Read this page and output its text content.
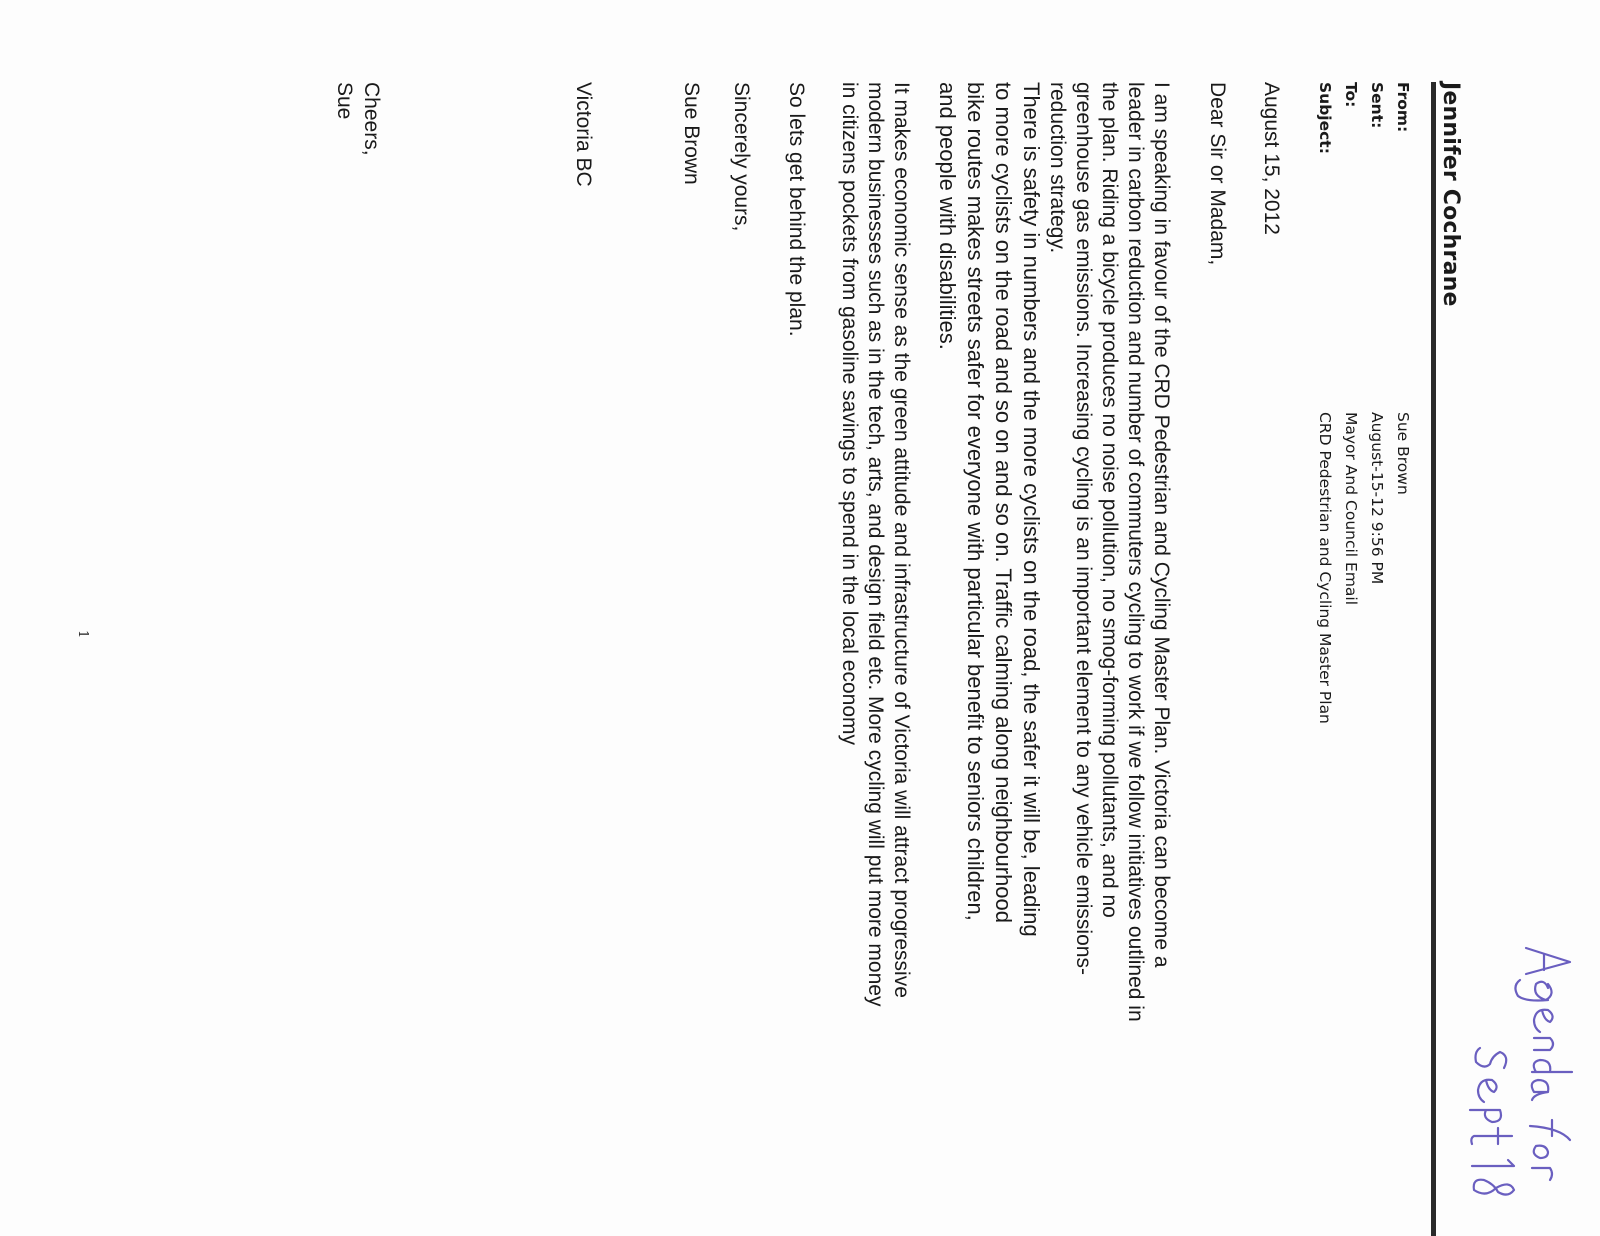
Jennifer Cochrane
From:
Sue Brown
Sent:
August-15-12 9:56 PM
To:
Mayor And Council Email
Subject:
CRD Pedestrian and Cycling Master Plan
August 15, 2012
Dear Sir or Madam,
I am speaking in favour of the CRD Pedestrian and Cycling Master Plan. Victoria can become a
leader in carbon reduction and number of commuters cycling to work if we follow initiatives outlined in
the plan. Riding a bicycle produces no noise pollution, no smog-forming pollutants, and no
greenhouse gas emissions. Increasing cycling is an important element to any vehicle emissions-
reduction strategy.
There is safety in numbers and the more cyclists on the road, the safer it will be, leading
to more cyclists on the road and so on and so on. Traffic calming along neighbourhood
bike routes makes streets safer for everyone with particular benefit to seniors children,
and people with disabilities.
It makes economic sense as the green attitude and infrastructure of Victoria will attract progressive
modern businesses such as in the tech, arts, and design field etc. More cycling will put more money
in citizens pockets from gasoline savings to spend in the local economy
So lets get behind the plan.
Sincerely yours,
Sue Brown
Victoria BC
Cheers,
Sue
1
